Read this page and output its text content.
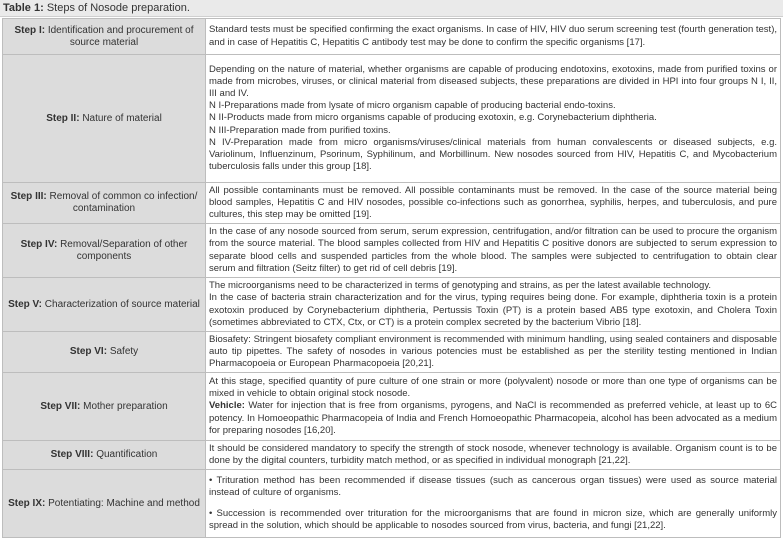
Table 1: Steps of Nosode preparation.
Step I: Identification and procurement of source material	Standard tests must be specified confirming the exact organisms. In case of HIV, HIV duo serum screening test (fourth generation test), and in case of Hepatitis C, Hepatitis C antibody test may be done to confirm the specific organisms [17].

Step II: Nature of material	Depending on the nature of material, whether organisms are capable of producing endotoxins, exotoxins, made from purified toxins or made from microbes, viruses, or clinical material from diseased subjects, these preparations are divided in HPI into four groups N I, II, III and IV.
N I-Preparations made from lysate of micro organism capable of producing bacterial endo-toxins.
N II-Products made from micro organisms capable of producing exotoxin, e.g. Corynebacterium diphtheria.
N III-Preparation made from purified toxins.
N IV-Preparation made from micro organisms/viruses/clinical materials from human convalescents or diseased subjects, e.g. Variolinum, Influenzinum, Psorinum, Syphilinum, and Morbillinum. New nosodes sourced from HIV, Hepatitis C, and Mycobacterium tuberculosis falls under this group [18].

Step III: Removal of common co infection/ contamination	All possible contaminants must be removed. All possible contaminants must be removed. In the case of the source material being blood samples, Hepatitis C and HIV nosodes, possible co-infections such as gonorrhea, syphilis, herpes, and tuberculosis, and pure cultures, this step may be omitted [19].

Step IV: Removal/Separation of other components	In the case of any nosode sourced from serum, serum expression, centrifugation, and/or filtration can be used to procure the organism from the source material. The blood samples collected from HIV and Hepatitis C positive donors are subjected to serum expression to separate blood cells and suspended particles from the whole blood. The samples were subjected to centrifugation to obtain clear serum and filtration (Seitz filter) to get rid of cell debris [19].

Step V: Characterization of source material	The microorganisms need to be characterized in terms of genotyping and strains, as per the latest available technology.
In the case of bacteria strain characterization and for the virus, typing requires being done. For example, diphtheria toxin is a protein exotoxin produced by Corynebacterium diphtheria, Pertussis Toxin (PT) is a protein based AB5 type exotoxin, and Cholera Toxin (sometimes abbreviated to CTX, Ctx, or CT) is a protein complex secreted by the bacterium Vibrio [18].

Step VI: Safety	Biosafety: Stringent biosafety compliant environment is recommended with minimum handling, using sealed containers and disposable auto tip pipettes. The safety of nosodes in various potencies must be established as per the sterility testing mentioned in Indian Pharmacopoeia or European Pharmacopoeia [20,21].

Step VII: Mother preparation	At this stage, specified quantity of pure culture of one strain or more (polyvalent) nosode or more than one type of organisms can be mixed in vehicle to obtain original stock nosode.
Vehicle: Water for injection that is free from organisms, pyrogens, and NaCl is recommended as preferred vehicle, at least up to 6C potency. In Homoeopathic Pharmacopeia of India and French Homoeopathic Pharmacopeia, alcohol has been advocated as a medium for preparing nosodes [16,20].

Step VIII: Quantification	It should be considered mandatory to specify the strength of stock nosode, whenever technology is available. Organism count is to be done by the digital counters, turbidity match method, or as specified in individual monograph [21,22].

Step IX: Potentiating: Machine and method	• Trituration method has been recommended if disease tissues (such as cancerous organ tissues) were used as source material instead of culture of organisms.
• Succession is recommended over trituration for the microorganisms that are found in micron size, which are generally uniformly spread in the solution, which should be applicable to nosodes sourced from virus, bacteria, and fungi [21,22].
